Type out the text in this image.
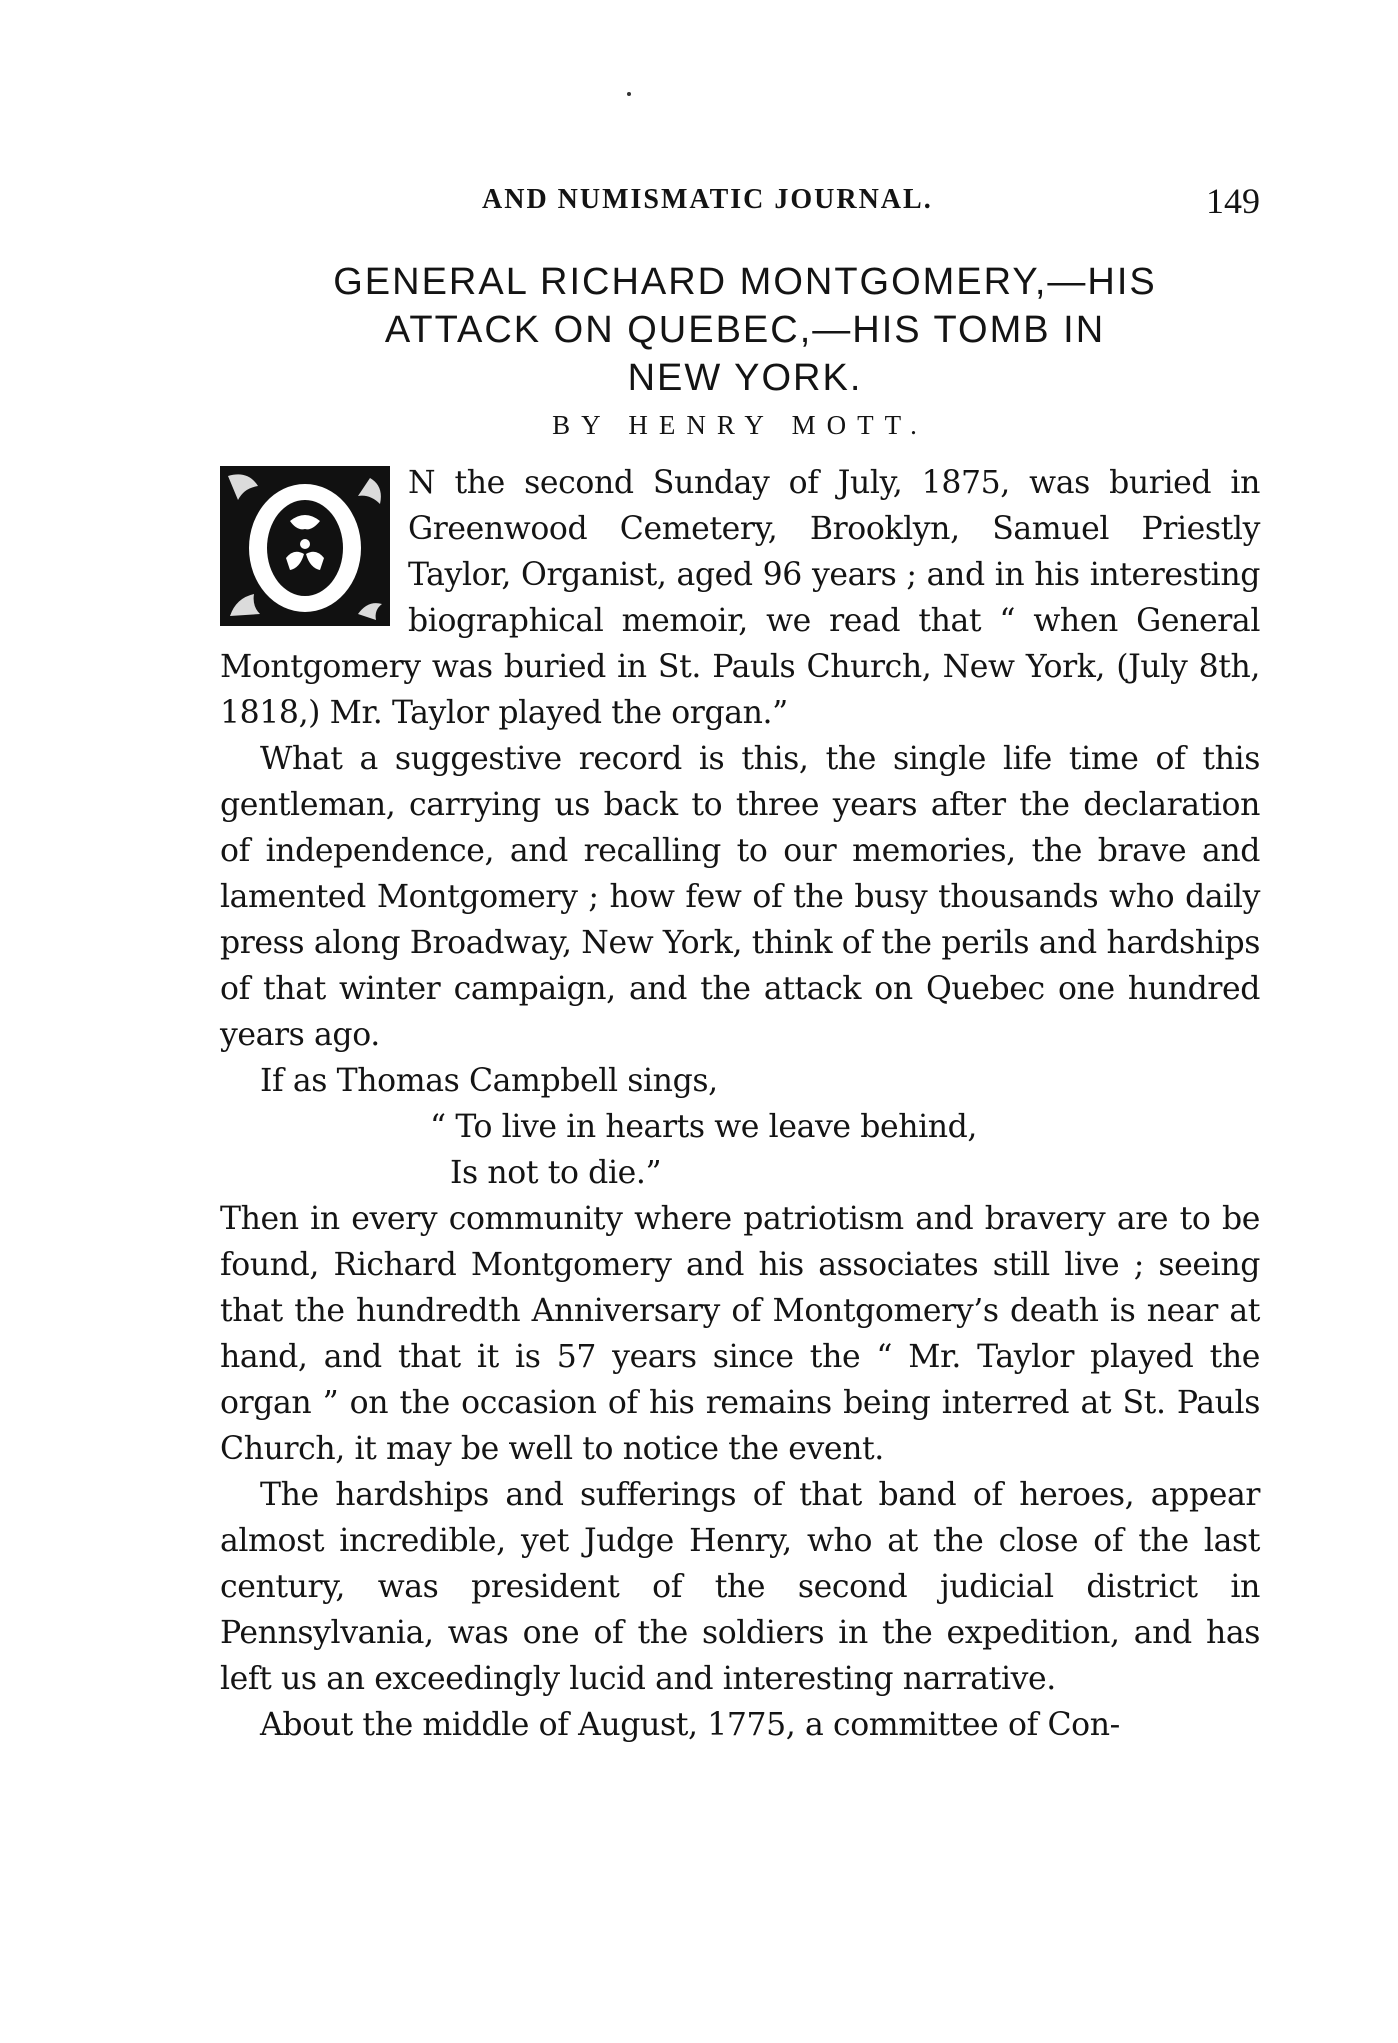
AND NUMISMATIC JOURNAL.	149
GENERAL RICHARD MONTGOMERY,—HIS
ATTACK ON QUEBEC,—HIS TOMB IN
NEW YORK.
BY HENRY MOTT.

N the second Sunday of July, 1875, was buried in Greenwood Cemetery, Brooklyn, Samuel Priestly Taylor, Organist, aged 96 years ; and in his interesting biographical memoir, we read that “ when General Montgomery was buried in St. Pauls Church, New York, (July 8th, 1818,) Mr. Taylor played the organ.”

What a suggestive record is this, the single life time of this gentleman, carrying us back to three years after the declaration of independence, and recalling to our memories, the brave and lamented Montgomery ; how few of the busy thousands who daily press along Broadway, New York, think of the perils and hardships of that winter campaign, and the attack on Quebec one hundred years ago.

If as Thomas Campbell sings,

“ To live in hearts we leave behind,
Is not to die.”

Then in every community where patriotism and bravery are to be found, Richard Montgomery and his associates still live ; seeing that the hundredth Anniversary of Montgomery’s death is near at hand, and that it is 57 years since the “ Mr. Taylor played the organ ” on the occasion of his remains being interred at St. Pauls Church, it may be well to notice the event.

The hardships and sufferings of that band of heroes, appear almost incredible, yet Judge Henry, who at the close of the last century, was president of the second judicial district in Pennsylvania, was one of the soldiers in the expedition, and has left us an exceedingly lucid and interesting narrative.

About the middle of August, 1775, a committee of Con-
